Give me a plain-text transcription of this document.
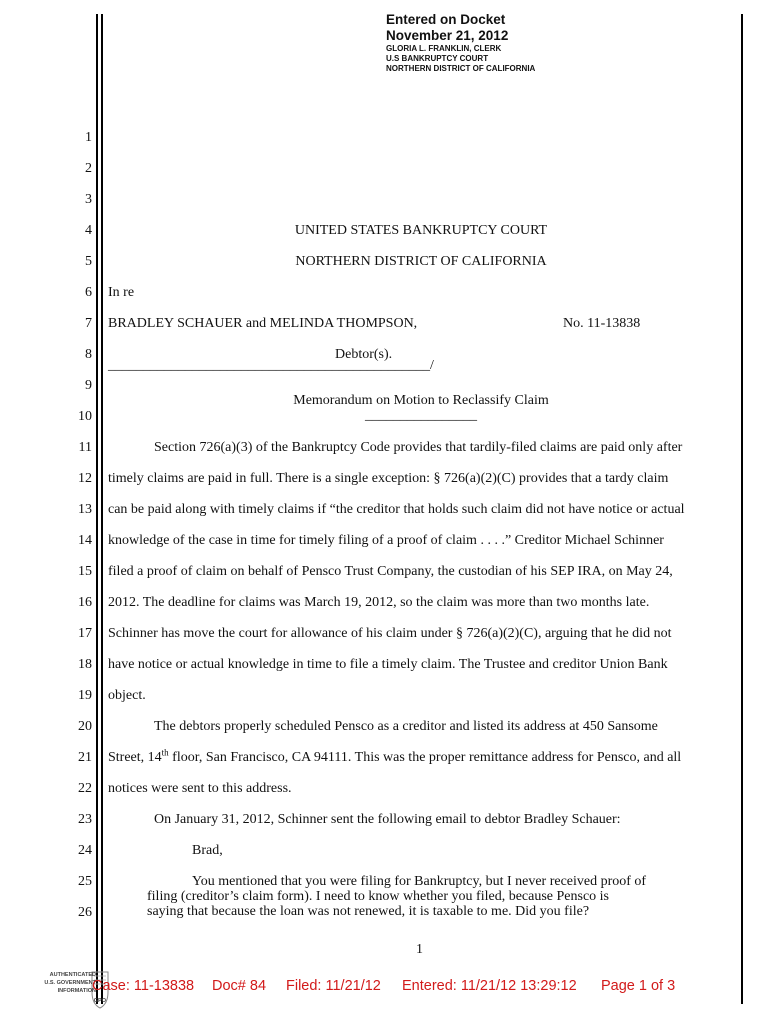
Entered on Docket
November 21, 2012
GLORIA L. FRANKLIN, CLERK
U.S BANKRUPTCY COURT
NORTHERN DISTRICT OF CALIFORNIA
1
2
3
4
5
6
7
8
9
10
11
12
13
14
15
16
17
18
19
20
21
22
23
24
25
26
UNITED STATES BANKRUPTCY COURT
NORTHERN DISTRICT OF CALIFORNIA
In re
BRADLEY SCHAUER and MELINDA THOMPSON,	No. 11-13838
Debtor(s).
______________________________________________/
Memorandum on Motion to Reclassify Claim
________________
Section 726(a)(3) of the Bankruptcy Code provides that tardily-filed claims are paid only after
timely claims are paid in full. There is a single exception: § 726(a)(2)(C) provides that a tardy claim
can be paid along with timely claims if “the creditor that holds such claim did not have notice or actual
knowledge of the case in time for timely filing of a proof of claim . . . .” Creditor Michael Schinner
filed a proof of claim on behalf of Pensco Trust Company, the custodian of his SEP IRA, on May 24,
2012. The deadline for claims was March 19, 2012, so the claim was more than two months late.
Schinner has move the court for allowance of his claim under § 726(a)(2)(C), arguing that he did not
have notice or actual knowledge in time to file a timely claim. The Trustee and creditor Union Bank
object.
The debtors properly scheduled Pensco as a creditor and listed its address at 450 Sansome
Street, 14th floor, San Francisco, CA 94111. This was the proper remittance address for Pensco, and all
notices were sent to this address.
On January 31, 2012, Schinner sent the following email to debtor Bradley Schauer:
Brad,
You mentioned that you were filing for Bankruptcy, but I never received proof of
filing (creditor’s claim form). I need to know whether you filed, because Pensco is
saying that because the loan was not renewed, it is taxable to me. Did you file?
1
AUTHENTICATED
U.S. GOVERNMENT
INFORMATION
GPO
Case: 11-13838 Doc# 84 Filed: 11/21/12 Entered: 11/21/12 13:29:12 Page 1 of 3
